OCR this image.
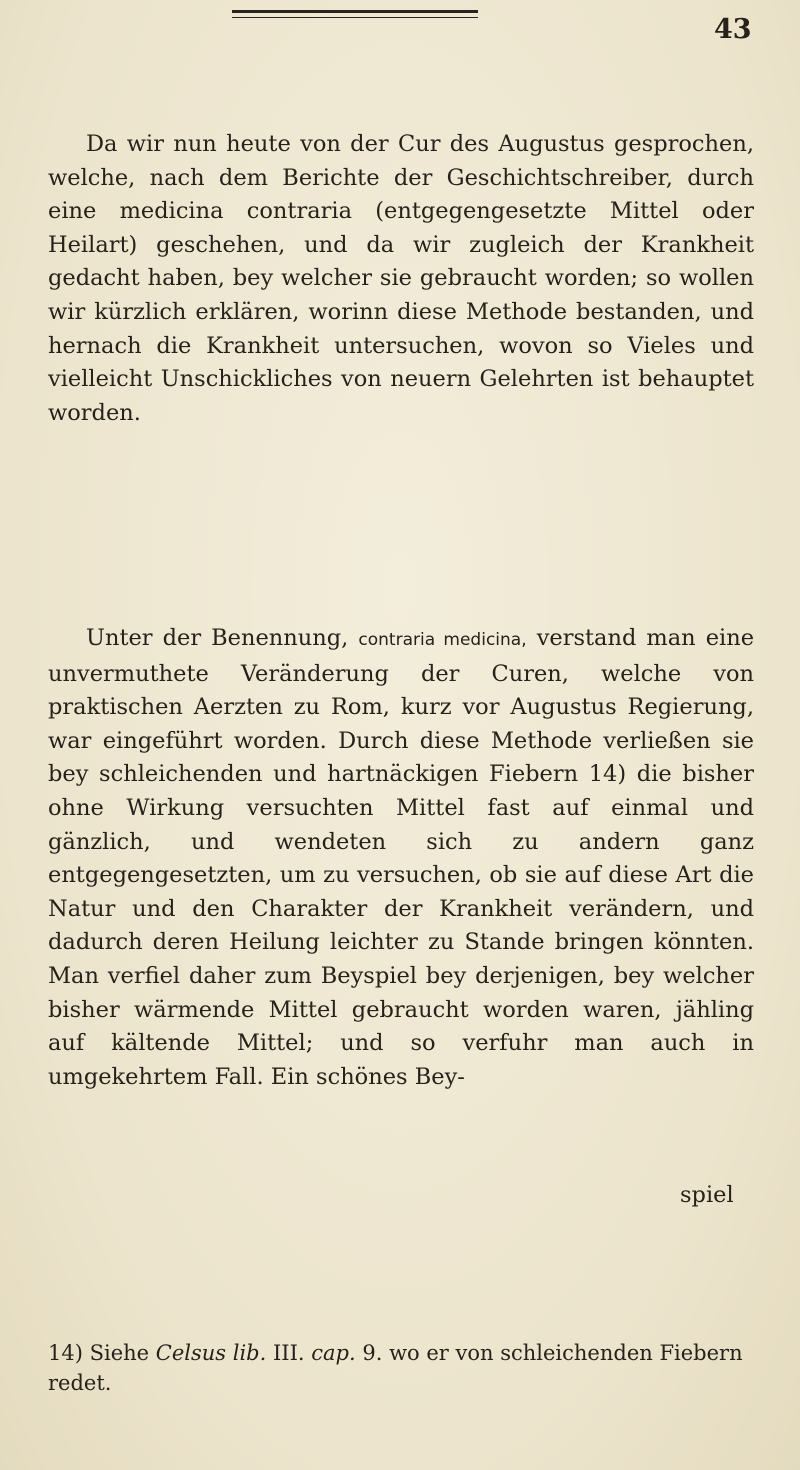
43

Da wir nun heute von der Cur des Augustus gesprochen, welche, nach dem Berichte der Geschichtschreiber, durch eine medicina contraria (entgegengesetzte Mittel oder Heilart) geschehen, und da wir zugleich der Krankheit gedacht haben, bey welcher sie gebraucht worden; so wollen wir kürzlich erklären, worinn diese Methode bestanden, und hernach die Krankheit untersuchen, wovon so Vieles und vielleicht Unschickliches von neuern Gelehrten ist behauptet worden.

Unter der Benennung, contraria medicina, verstand man eine unvermuthete Veränderung der Curen, welche von praktischen Aerzten zu Rom, kurz vor Augustus Regierung, war eingeführt worden. Durch diese Methode verließen sie bey schleichenden und hartnäckigen Fiebern 14) die bisher ohne Wirkung versuchten Mittel fast auf einmal und gänzlich, und wendeten sich zu andern ganz entgegengesetzten, um zu versuchen, ob sie auf diese Art die Natur und den Charakter der Krankheit verändern, und dadurch deren Heilung leichter zu Stande bringen könnten. Man verfiel daher zum Beyspiel bey derjenigen, bey welcher bisher wärmende Mittel gebraucht worden waren, jähling auf kältende Mittel; und so verfuhr man auch in umgekehrtem Fall. Ein schönes Bey-

spiel

14) Siehe Celsus lib. III. cap. 9. wo er von schleichenden Fiebern redet.
